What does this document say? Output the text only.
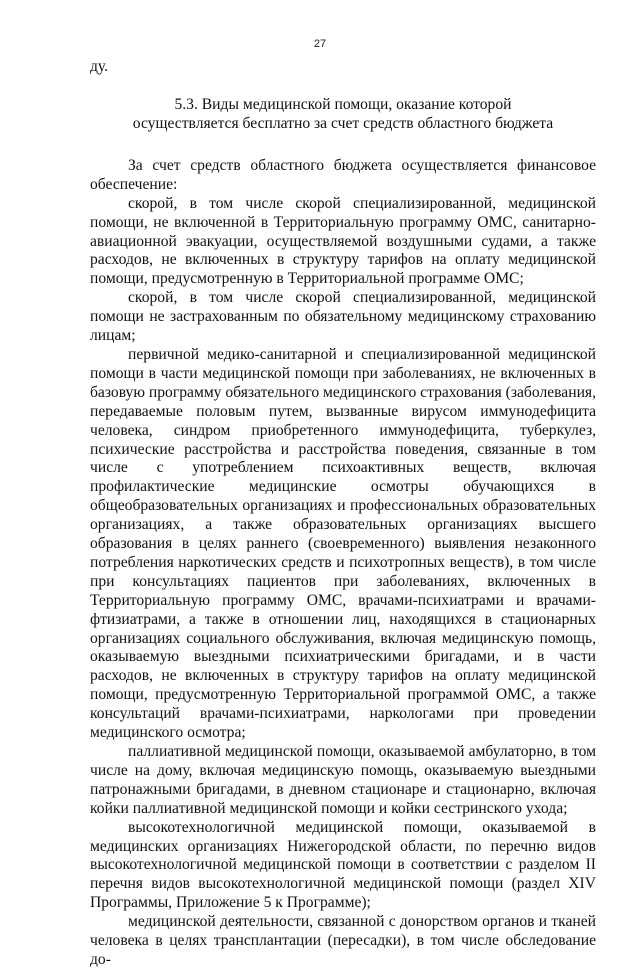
27

ду.

5.3. Виды медицинской помощи, оказание которой
осуществляется бесплатно за счет средств областного бюджета

За счет средств областного бюджета осуществляется финансовое обеспечение:

скорой, в том числе скорой специализированной, медицинской помощи, не включенной в Территориальную программу ОМС, санитарно-авиационной эвакуации, осуществляемой воздушными судами, а также расходов, не включенных в структуру тарифов на оплату медицинской помощи, предусмотренную в Территориальной программе ОМС;

скорой, в том числе скорой специализированной, медицинской помощи не застрахованным по обязательному медицинскому страхованию лицам;

первичной медико-санитарной и специализированной медицинской помощи в части медицинской помощи при заболеваниях, не включенных в базовую программу обязательного медицинского страхования (заболевания, передаваемые половым путем, вызванные вирусом иммунодефицита человека, синдром приобретенного иммунодефицита, туберкулез, психические расстройства и расстройства поведения, связанные в том числе с употреблением психоактивных веществ, включая профилактические медицинские осмотры обучающихся в общеобразовательных организациях и профессиональных образовательных организациях, а также образовательных организациях высшего образования в целях раннего (своевременного) выявления незаконного потребления наркотических средств и психотропных веществ), в том числе при консультациях пациентов при заболеваниях, включенных в Территориальную программу ОМС, врачами-психиатрами и врачами-фтизиатрами, а также в отношении лиц, находящихся в стационарных организациях социального обслуживания, включая медицинскую помощь, оказываемую выездными психиатрическими бригадами, и в части расходов, не включенных в структуру тарифов на оплату медицинской помощи, предусмотренную Территориальной программой ОМС, а также консультаций врачами-психиатрами, наркологами при проведении медицинского осмотра;

паллиативной медицинской помощи, оказываемой амбулаторно, в том числе на дому, включая медицинскую помощь, оказываемую выездными патронажными бригадами, в дневном стационаре и стационарно, включая койки паллиативной медицинской помощи и койки сестринского ухода;

высокотехнологичной медицинской помощи, оказываемой в медицинских организациях Нижегородской области, по перечню видов высокотехнологичной медицинской помощи в соответствии с разделом II перечня видов высокотехнологичной медицинской помощи (раздел XIV Программы, Приложение 5 к Программе);

медицинской деятельности, связанной с донорством органов и тканей человека в целях трансплантации (пересадки), в том числе обследование до-
